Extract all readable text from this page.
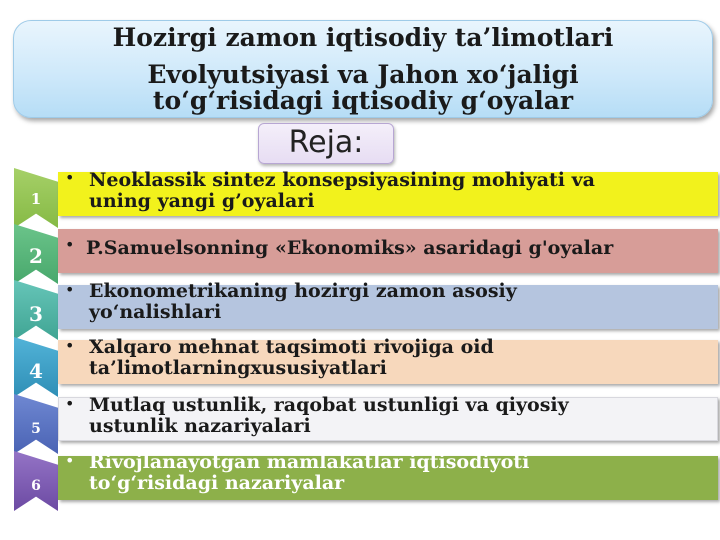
Hozirgi zamon iqtisodiy ta’limotlari
Evolyutsiyasi va Jahon xo‘jaligi
to‘g‘risidagi iqtisodiy g‘oyalar
Reja:
1
• Neoklassik sintez konsepsiyasining mohiyati va
uning yangi g’oyalari
2	• P.Samuelsonning «Ekonomiks» asaridagi g'oyalar
3
• Ekonometrikaning hozirgi zamon asosiy
yo‘nalishlari
4
• Xalqaro mehnat taqsimoti rivojiga oid
ta’limotlarningxususiyatlari
5
• Mutlaq ustunlik, raqobat ustunligi va qiyosiy
ustunlik nazariyalari
6
• Rivojlanayotgan mamlakatlar iqtisodiyoti
to‘g‘risidagi nazariyalar
